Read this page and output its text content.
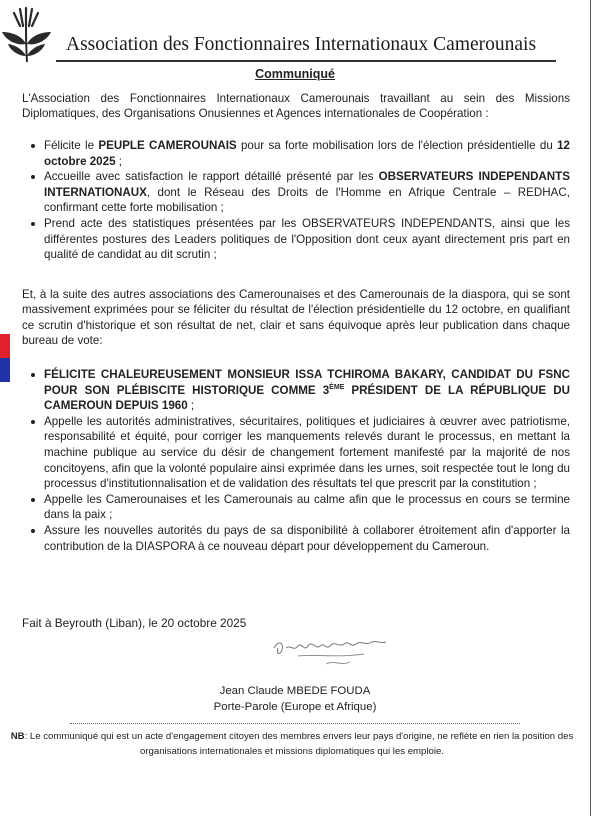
Association des Fonctionnaires Internationaux Camerounais
Communiqué
L'Association des Fonctionnaires Internationaux Camerounais travaillant au sein des Missions Diplomatiques, des Organisations Onusiennes et Agences internationales de Coopération :
Félicite le PEUPLE CAMEROUNAIS pour sa forte mobilisation lors de l'élection présidentielle du 12 octobre 2025 ;
Accueille avec satisfaction le rapport détaillé présenté par les OBSERVATEURS INDEPENDANTS INTERNATIONAUX, dont le Réseau des Droits de l'Homme en Afrique Centrale – REDHAC, confirmant cette forte mobilisation ;
Prend acte des statistiques présentées par les OBSERVATEURS INDEPENDANTS, ainsi que les différentes postures des Leaders politiques de l'Opposition dont ceux ayant directement pris part en qualité de candidat au dit scrutin ;
Et, à la suite des autres associations des Camerounaises et des Camerounais de la diaspora, qui se sont massivement exprimées pour se féliciter du résultat de l'élection présidentielle du 12 octobre, en qualifiant ce scrutin d'historique et son résultat de net, clair et sans équivoque après leur publication dans chaque bureau de vote:
FÉLICITE CHALEUREUSEMENT MONSIEUR ISSA TCHIROMA BAKARY, CANDIDAT DU FSNC POUR SON PLÉBISCITE HISTORIQUE COMME 3ÈME PRÉSIDENT DE LA RÉPUBLIQUE DU CAMEROUN DEPUIS 1960 ;
Appelle les autorités administratives, sécuritaires, politiques et judiciaires à œuvrer avec patriotisme, responsabilité et équité, pour corriger les manquements relevés durant le processus, en mettant la machine publique au service du désir de changement fortement manifesté par la majorité de nos concitoyens, afin que la volonté populaire ainsi exprimée dans les urnes, soit respectée tout le long du processus d'institutionnalisation et de validation des résultats tel que prescrit par la constitution ;
Appelle les Camerounaises et les Camerounais au calme afin que le processus en cours se termine dans la paix ;
Assure les nouvelles autorités du pays de sa disponibilité à collaborer étroitement afin d'apporter la contribution de la DIASPORA à ce nouveau départ pour développement du Cameroun.
Fait à Beyrouth (Liban), le 20 octobre 2025
Jean Claude MBEDE FOUDA
Porte-Parole (Europe et Afrique)
NB: Le communiqué qui est un acte d'engagement citoyen des membres envers leur pays d'origine, ne reflète en rien la position des organisations internationales et missions diplomatiques qui les emploie.
